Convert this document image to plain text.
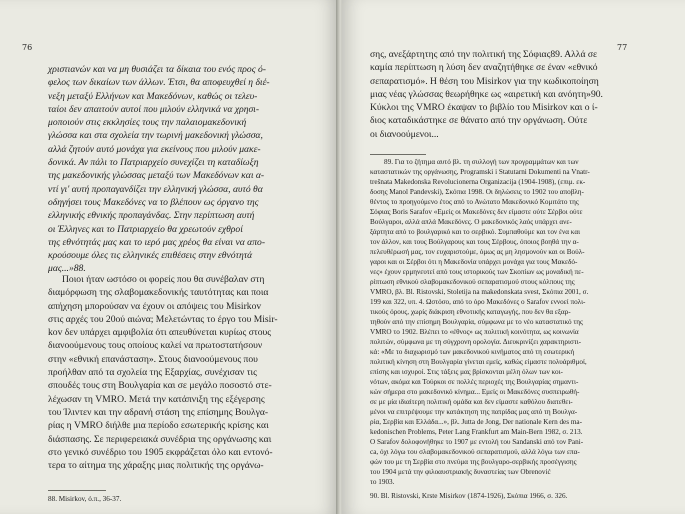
76
χριστιανών και να μη θυσιάζει τα δίκαια του ενός προς ό-
φελος των δικαίων των άλλων. Έτσι, θα αποφευχθεί η διέ-
νεξη μεταξύ Ελλήνων και Μακεδόνων, καθώς οι τελευ-
ταίοι δεν απαιτούν αυτοί που μιλούν ελληνικά να χρησι-
μοποιούν στις εκκλησίες τους την παλαιομακεδονική
γλώσσα και στα σχολεία την τωρινή μακεδονική γλώσσα,
αλλά ζητούν αυτό μονάχα για εκείνους που μιλούν μακε-
δονικά. Αν πάλι το Πατριαρχείο συνεχίζει τη καταδίωξη
της μακεδονικής γλώσσας μεταξύ των Μακεδόνων και α-
ντί γι' αυτή προπαγανδίζει την ελληνική γλώσσα, αυτό θα
οδηγήσει τους Μακεδόνες να το βλέπουν ως όργανο της
ελληνικής εθνικής προπαγάνδας. Στην περίπτωση αυτή
οι Έλληνες και το Πατριαρχείο θα χρεωτούν εχθροί
της εθνότητάς μας και το ιερό μας χρέος θα είναι να απο-
κρούσουμε όλες τις ελληνικές επιθέσεις στην εθνότητά
μας...»88.
Ποιοι ήταν ωστόσο οι φορείς που θα συνέβαλαν στη
διαμόρφωση της σλαβομακεδονικής ταυτότητας και ποια
απήχηση μπορούσαν να έχουν οι απόψεις του Misirkov
στις αρχές του 20ού αιώνα; Μελετώντας το έργο του Misir-
kov δεν υπάρχει αμφιβολία ότι απευθύνεται κυρίως στους
διανοούμενους τους οποίους καλεί να πρωτοστατήσουν
στην «εθνική επανάσταση». Στους διανοούμενους που
προήλθαν από τα σχολεία της Εξαρχίας, συνέχισαν τις
σπουδές τους στη Βουλγαρία και σε μεγάλο ποσοστό στε-
λέχωσαν τη VMRO. Μετά την κατάπνιξη της εξέγερσης
του Ίλιντεν και την αδρανή στάση της επίσημης Βουλγα-
ρίας η VMRO διήλθε μια περίοδο εσωτερικής κρίσης και
διάσπασης. Σε περιφερειακά συνέδρια της οργάνωσης και
στο γενικό συνέδριο του 1905 εκφράζεται όλο και εντονό-
τερα το αίτημα της χάραξης μιας πολιτικής της οργάνω-
88. Misirkov, ό.π., 36-37.
77
σης, ανεξάρτητης από την πολιτική της Σόφιας89. Αλλά σε
καμία περίπτωση η λύση δεν αναζητήθηκε σε έναν «εθνικό
σεπαρατισμό». Η θέση του Misirkov για την κωδικοποίηση
μιας νέας γλώσσας θεωρήθηκε ως «αιρετική και ανόητη»90.
Κύκλοι της VMRO έκαψαν το βιβλίο του Misirkov και ο ί-
διος καταδικάστηκε σε θάνατο από την οργάνωση. Ούτε
οι διανοούμενοι...
89. Για το ζήτημα αυτό βλ. τη συλλογή των προγραμμάτων και των
καταστατικών της οργάνωσης, Programski i Statutarni Dokumenti na Vnatr-
trešnata Makedonska Revolucionerna Organizacija (1904-1908), (επιμ. εκ-
δοσης Manol Pandevski), Σκόπια 1998. Οι δηλώσεις το 1902 του αποβλη-
θέντος το προηγούμενο έτος από το Ανώτατο Μακεδονικό Κομιτάτο της
Σόφιας Boris Sarafov «Εμείς οι Μακεδόνες δεν είμαστε ούτε Σέρβοι ούτε
Βούλγαροι, αλλά απλά Μακεδόνες. Ο μακεδονικός λαός υπάρχει ανε-
ξάρτητα από το βουλγαρικό και το σερβικό. Συμπαθούμε και τον ένα και
τον άλλον, και τους Βούλγαρους και τους Σέρβους, όποιος βοηθά την α-
πελευθέρωσή μας, τον ευχαριστούμε, όμως ας μη λησμονούν και οι Βούλ-
γαροι και οι Σέρβοι ότι η Μακεδονία υπάρχει μονάχα για τους Μακεδό-
νες» έχουν ερμηνευτεί από τους ιστορικούς των Σκοπίων ως μοναδική πε-
ρίπτωση εθνικού σλαβομακεδονικού σεπαρατισμού στους κόλπους της
VMRO, βλ. Bl. Ristovski, Stoletija na makedonskata svest, Σκόπια 2001, σ.
199 και 322, υπ. 4. Ωστόσο, από το όρο Μακεδόνες ο Sarafov εννοεί πολι-
τικούς όρους, χωρίς διάκριση εθνοτικής καταγωγής, που δεν θα εξαρ-
τηθούν από την επίσημη Βουλγαρία, σύμφωνα με το νέο καταστατικό της
VMRO το 1902. Βλέπει το «έθνος» ως πολιτική κοινότητα, ως κοινωνία
πολιτών, σύμφωνα με τη σύγχρονη ορολογία. Διευκρινίζει χαρακτηριστι-
κά: «Με το διαχωρισμό των μακεδονικού κινήματος από τη εσωτερική
πολιτική κίνηση στη Βουλγαρία γίνεται εμείς, καθώς είμαστε πολυάριθμοί,
επίσης και ισχυροί. Στις τάξεις μας βρίσκονται μέλη όλων των κοι-
νότων, ακόμα και Τούρκοι σε πολλές περιοχές της Βουλγαρίας σημαντι-
κών σήμερα στο μακεδονικό κίνημα... Εμείς οι Μακεδόνες συσπειρωθή-
σε με μία ιδιαίτερη πολιτική ομάδα και δεν είμαστε καθόλου διατεθει-
μένοι να επιτρέψουμε την κατάκτηση της πατρίδας μας από τη Βουλγα-
ρία, Σερβία και Ελλάδα...», βλ. Jutta de Jong, Der nationale Kern des ma-
kedonischen Problems, Peter Lang Frankfurt am Main-Bern 1982, σ. 213.
Ο Sarafov δολοφονήθηκε το 1907 με εντολή του Sandanski από τον Pani-
ca, όχι λόγω του σλαβομακεδονικού σεπαρατισμού, αλλά λόγω των επα-
φών του με τη Σερβία στο πνεύμα της βουλγαρο-σερβικής προσέγγισης
του 1904 μετά την φιλοαυστριακής δυναστείας των Obrenović
το 1903.
90. Bl. Ristovski, Krste Misirkov (1874-1926), Σκόπια 1966, σ. 326.
